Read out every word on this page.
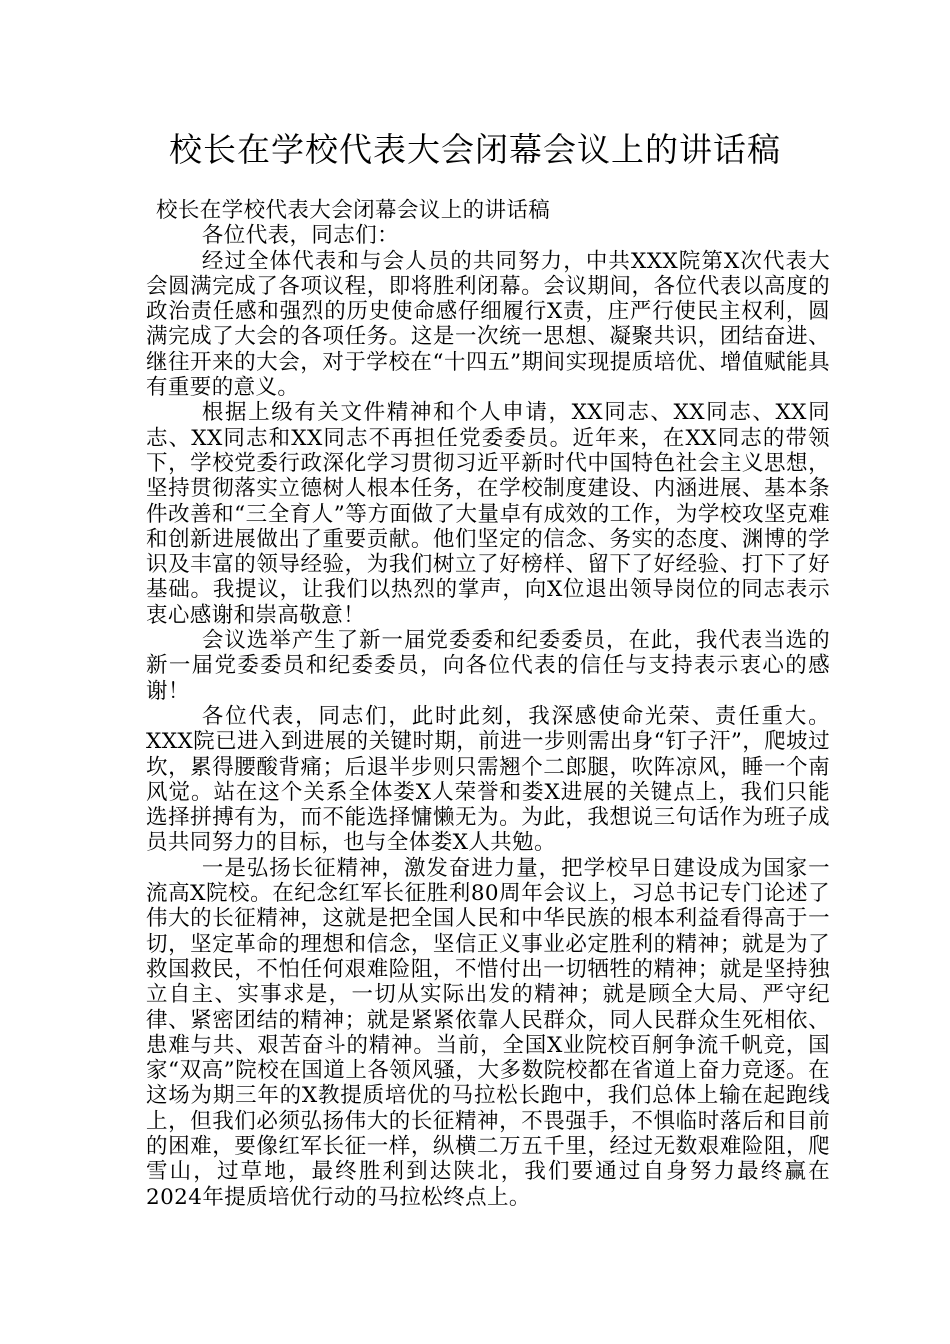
校长在学校代表大会闭幕会议上的讲话稿

校长在学校代表大会闭幕会议上的讲话稿

各位代表，同志们：

经过全体代表和与会人员的共同努力，中共XXX院第X次代表大会圆满完成了各项议程，即将胜利闭幕。会议期间，各位代表以高度的政治责任感和强烈的历史使命感仔细履行X责，庄严行使民主权利，圆满完成了大会的各项任务。这是一次统一思想、凝聚共识，团结奋进、继往开来的大会，对于学校在“十四五”期间实现提质培优、增值赋能具有重要的意义。

根据上级有关文件精神和个人申请，XX同志、XX同志、XX同志、XX同志和XX同志不再担任党委委员。近年来，在XX同志的带领下，学校党委行政深化学习贯彻习近平新时代中国特色社会主义思想，坚持贯彻落实立德树人根本任务，在学校制度建设、内涵进展、基本条件改善和“三全育人”等方面做了大量卓有成效的工作，为学校攻坚克难和创新进展做出了重要贡献。他们坚定的信念、务实的态度、渊博的学识及丰富的领导经验，为我们树立了好榜样、留下了好经验、打下了好基础。我提议，让我们以热烈的掌声，向X位退出领导岗位的同志表示衷心感谢和崇高敬意！

会议选举产生了新一届党委委和纪委委员，在此，我代表当选的新一届党委委员和纪委委员，向各位代表的信任与支持表示衷心的感谢！

各位代表，同志们，此时此刻，我深感使命光荣、责任重大。XXX院已进入到进展的关键时期，前进一步则需出身“钉子汗”，爬坡过坎，累得腰酸背痛；后退半步则只需翘个二郎腿，吹阵凉风，睡一个南风觉。站在这个关系全体娄X人荣誉和娄X进展的关键点上，我们只能选择拼搏有为，而不能选择慵懒无为。为此，我想说三句话作为班子成员共同努力的目标，也与全体娄X人共勉。

一是弘扬长征精神，激发奋进力量，把学校早日建设成为国家一流高X院校。在纪念红军长征胜利80周年会议上，习总书记专门论述了伟大的长征精神，这就是把全国人民和中华民族的根本利益看得高于一切，坚定革命的理想和信念，坚信正义事业必定胜利的精神；就是为了救国救民，不怕任何艰难险阻，不惜付出一切牺牲的精神；就是坚持独立自主、实事求是，一切从实际出发的精神；就是顾全大局、严守纪律、紧密团结的精神；就是紧紧依靠人民群众，同人民群众生死相依、患难与共、艰苦奋斗的精神。当前，全国X业院校百舸争流千帆竞，国家“双高”院校在国道上各领风骚，大多数院校都在省道上奋力竞逐。在这场为期三年的X教提质培优的马拉松长跑中，我们总体上输在起跑线上，但我们必须弘扬伟大的长征精神，不畏强手，不惧临时落后和目前的困难，要像红军长征一样，纵横二万五千里，经过无数艰难险阻，爬雪山，过草地，最终胜利到达陕北，我们要通过自身努力最终赢在2024年提质培优行动的马拉松终点上。
